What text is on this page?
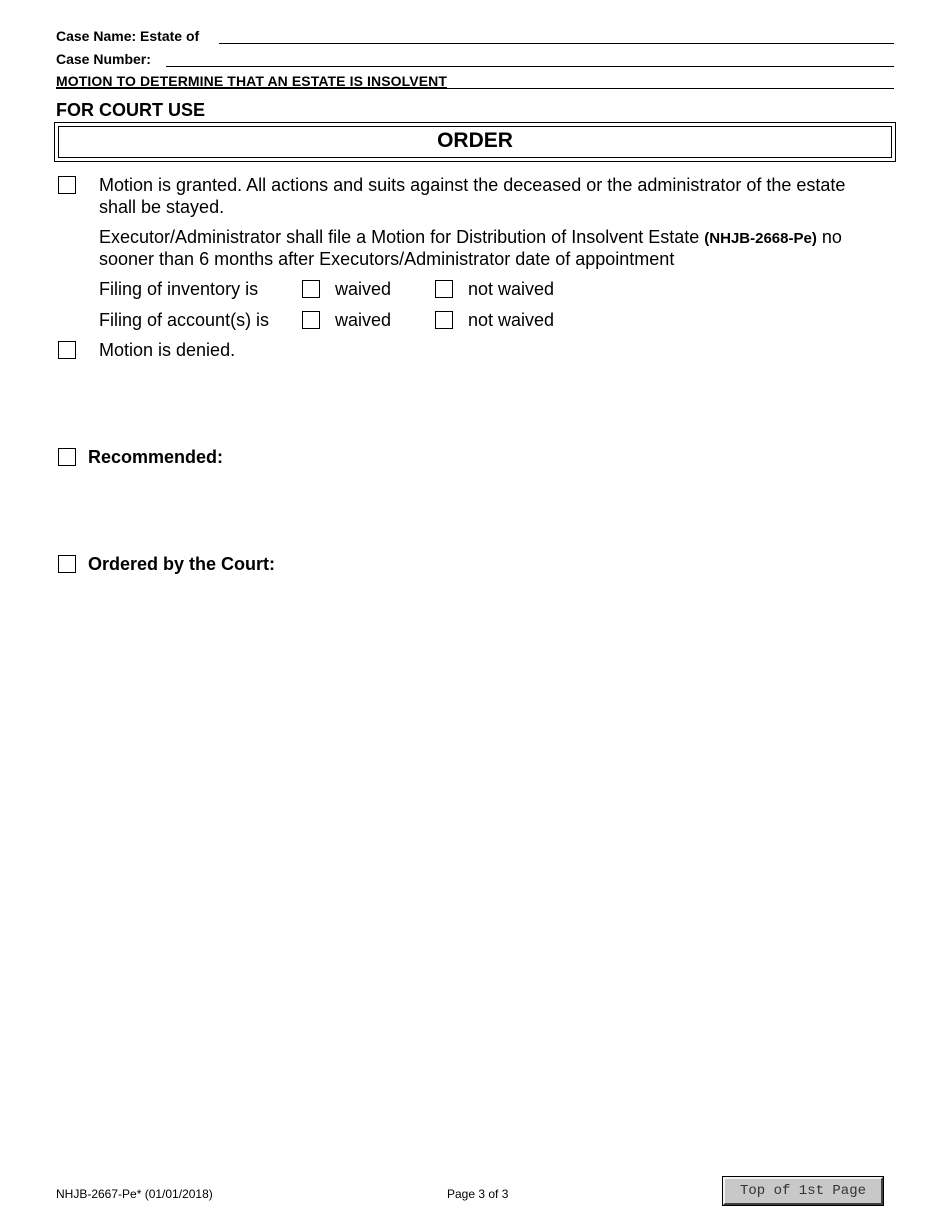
Case Name: Estate of
Case Number:
MOTION TO DETERMINE THAT AN ESTATE IS INSOLVENT
FOR COURT USE
ORDER
Motion is granted. All actions and suits against the deceased or the administrator of the estate
shall be stayed.
Executor/Administrator shall file a Motion for Distribution of Insolvent Estate (NHJB-2668-Pe) no
sooner than 6 months after Executors/Administrator date of appointment
Filing of inventory is	waived	not waived
Filing of account(s) is	waived	not waived
Motion is denied.
Recommended:
Ordered by the Court:
NHJB-2667-Pe* (01/01/2018)	Page 3 of 3	Top of 1st Page
